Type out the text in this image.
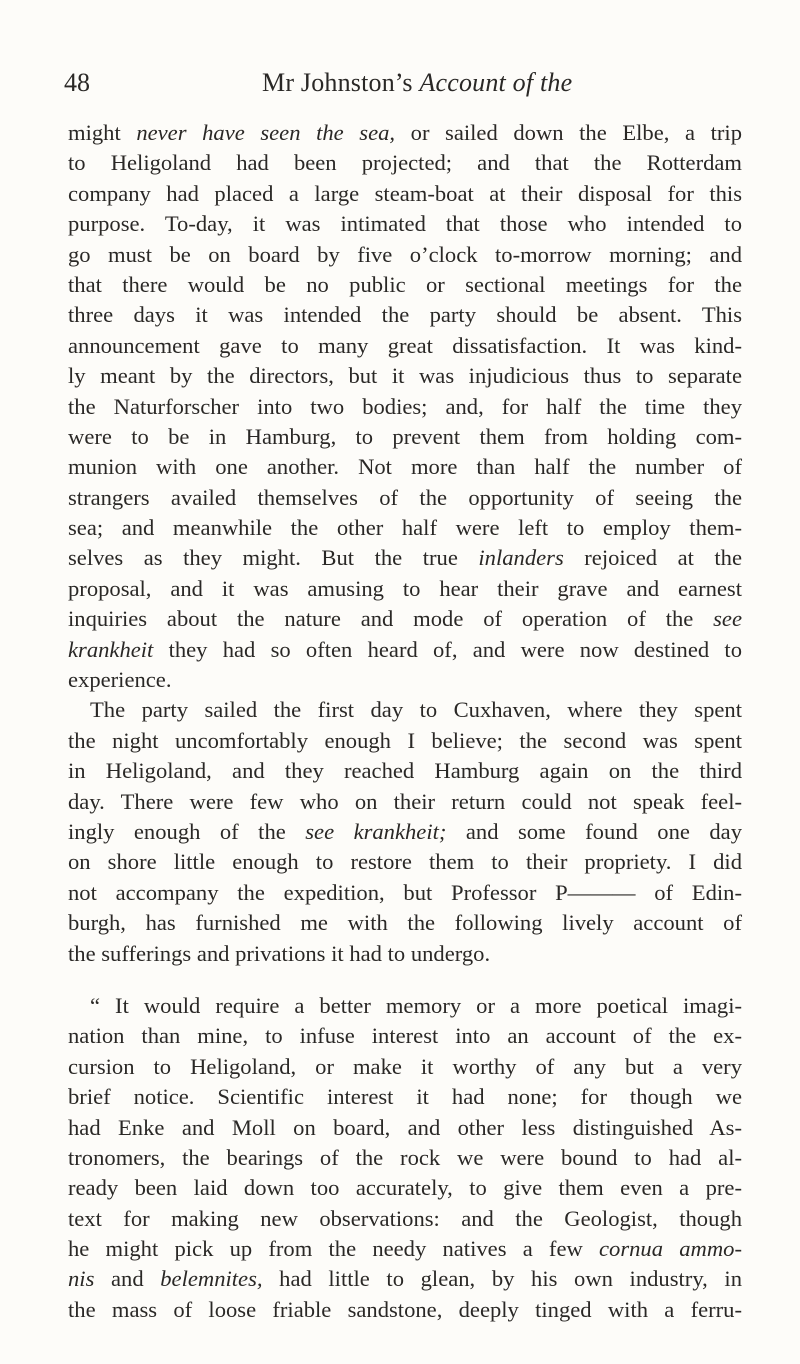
48	Mr Johnston’s Account of the
might never have seen the sea, or sailed down the Elbe, a trip
to Heligoland had been projected; and that the Rotterdam
company had placed a large steam-boat at their disposal for this
purpose. To-day, it was intimated that those who intended to
go must be on board by five o’clock to-morrow morning; and
that there would be no public or sectional meetings for the
three days it was intended the party should be absent. This
announcement gave to many great dissatisfaction. It was kind-
ly meant by the directors, but it was injudicious thus to separate
the Naturforscher into two bodies; and, for half the time they
were to be in Hamburg, to prevent them from holding com-
munion with one another. Not more than half the number of
strangers availed themselves of the opportunity of seeing the
sea; and meanwhile the other half were left to employ them-
selves as they might. But the true inlanders rejoiced at the
proposal, and it was amusing to hear their grave and earnest
inquiries about the nature and mode of operation of the see
krankheit they had so often heard of, and were now destined to
experience.
The party sailed the first day to Cuxhaven, where they spent
the night uncomfortably enough I believe; the second was spent
in Heligoland, and they reached Hamburg again on the third
day. There were few who on their return could not speak feel-
ingly enough of the see krankheit; and some found one day
on shore little enough to restore them to their propriety. I did
not accompany the expedition, but Professor P——— of Edin-
burgh, has furnished me with the following lively account of
the sufferings and privations it had to undergo.
“ It would require a better memory or a more poetical imagi-
nation than mine, to infuse interest into an account of the ex-
cursion to Heligoland, or make it worthy of any but a very
brief notice. Scientific interest it had none; for though we
had Enke and Moll on board, and other less distinguished As-
tronomers, the bearings of the rock we were bound to had al-
ready been laid down too accurately, to give them even a pre-
text for making new observations: and the Geologist, though
he might pick up from the needy natives a few cornua ammo-
nis and belemnites, had little to glean, by his own industry, in
the mass of loose friable sandstone, deeply tinged with a ferru-
